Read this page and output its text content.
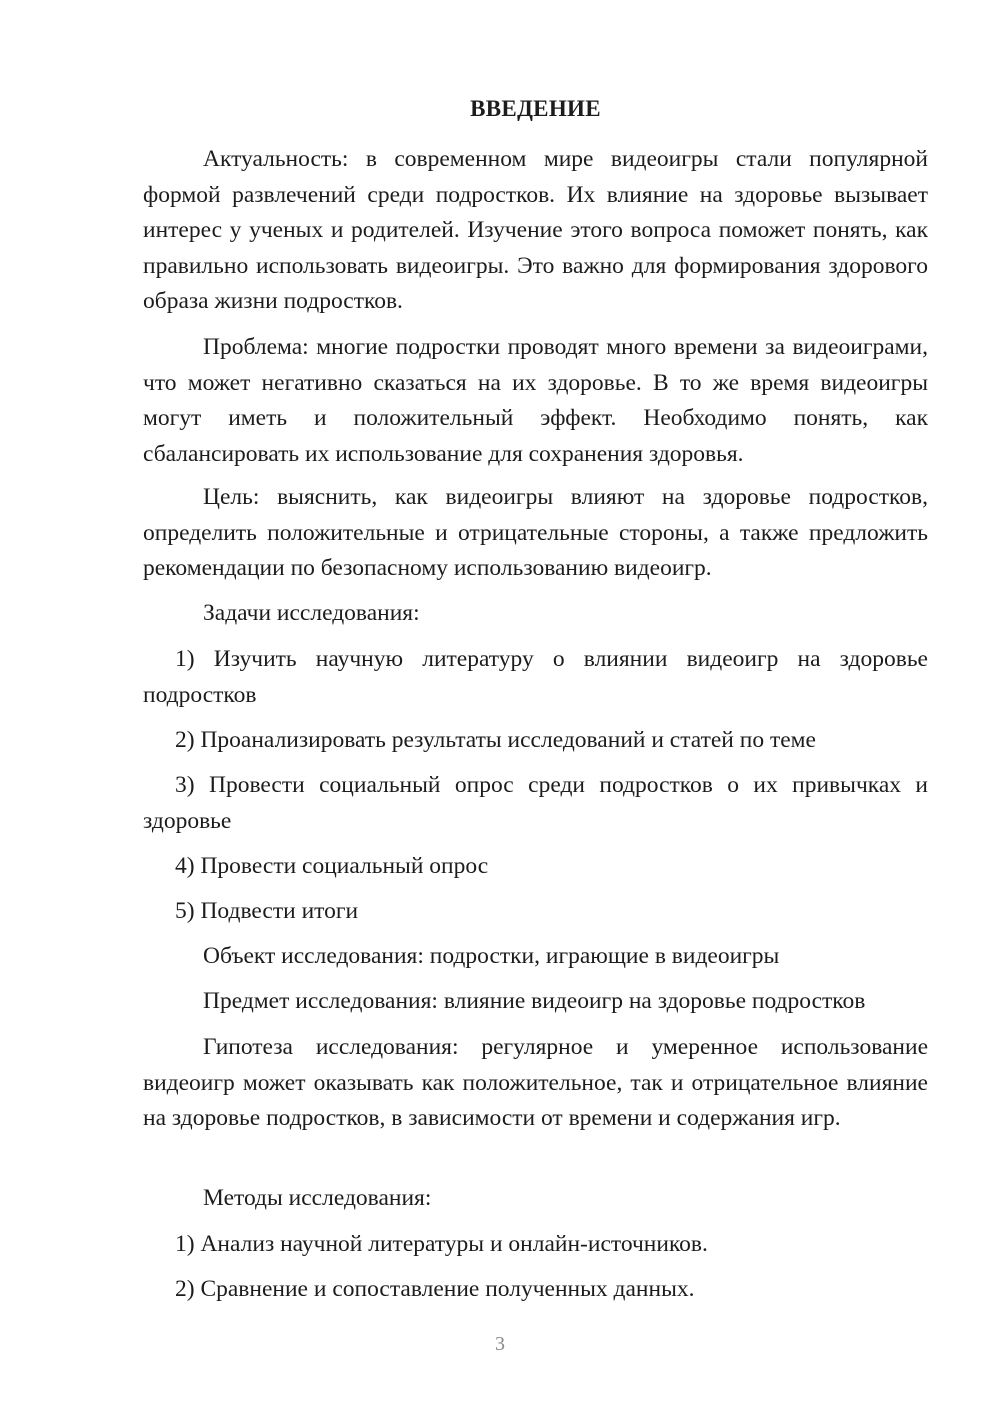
ВВЕДЕНИЕ

Актуальность: в современном мире видеоигры стали популярной формой развлечений среди подростков. Их влияние на здоровье вызывает интерес у ученых и родителей. Изучение этого вопроса поможет понять, как правильно использовать видеоигры. Это важно для формирования здорового образа жизни подростков.

Проблема: многие подростки проводят много времени за видеоиграми, что может негативно сказаться на их здоровье. В то же время видеоигры могут иметь и положительный эффект. Необходимо понять, как сбалансировать их использование для сохранения здоровья.

Цель: выяснить, как видеоигры влияют на здоровье подростков, определить положительные и отрицательные стороны, а также предложить рекомендации по безопасному использованию видеоигр.

Задачи исследования:

1) Изучить научную литературу о влиянии видеоигр на здоровье подростков

2) Проанализировать результаты исследований и статей по теме

3) Провести социальный опрос среди подростков о их привычках и здоровье

4) Провести социальный опрос

5) Подвести итоги

Объект исследования: подростки, играющие в видеоигры

Предмет исследования: влияние видеоигр на здоровье подростков

Гипотеза исследования: регулярное и умеренное использование видеоигр может оказывать как положительное, так и отрицательное влияние на здоровье подростков, в зависимости от времени и содержания игр.

Методы исследования:

1) Анализ научной литературы и онлайн-источников.

2) Сравнение и сопоставление полученных данных.

3
